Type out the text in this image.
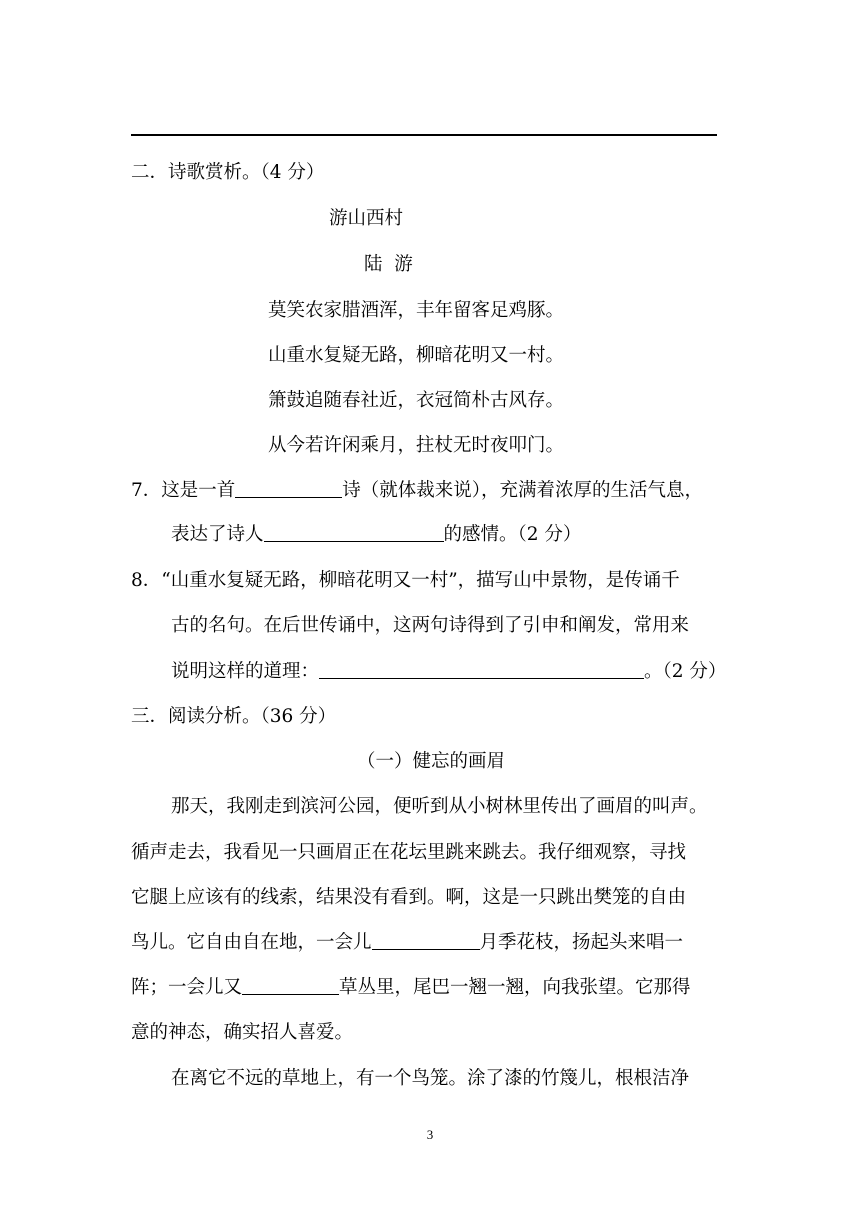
二．诗歌赏析。（4 分）
游山西村
陆  游
莫笑农家腊酒浑，丰年留客足鸡豚。
山重水复疑无路，柳暗花明又一村。
箫鼓追随春社近，衣冠简朴古风存。
从今若许闲乘月，拄杖无时夜叩门。
7．这是一首	诗（就体裁来说），充满着浓厚的生活气息，
表达了诗人	的感情。（2 分）
8．“山重水复疑无路，柳暗花明又一村”，描写山中景物，是传诵千
古的名句。在后世传诵中，这两句诗得到了引申和阐发，常用来
说明这样的道理：	。（2 分）
三．阅读分析。（36 分）
（一）健忘的画眉
那天，我刚走到滨河公园，便听到从小树林里传出了画眉的叫声。
循声走去，我看见一只画眉正在花坛里跳来跳去。我仔细观察，寻找
它腿上应该有的线索，结果没有看到。啊，这是一只跳出樊笼的自由
鸟儿。它自由自在地，一会儿	月季花枝，扬起头来唱一
阵；一会儿又	草丛里，尾巴一翘一翘，向我张望。它那得
意的神态，确实招人喜爱。
在离它不远的草地上，有一个鸟笼。涂了漆的竹篾儿，根根洁净
3
